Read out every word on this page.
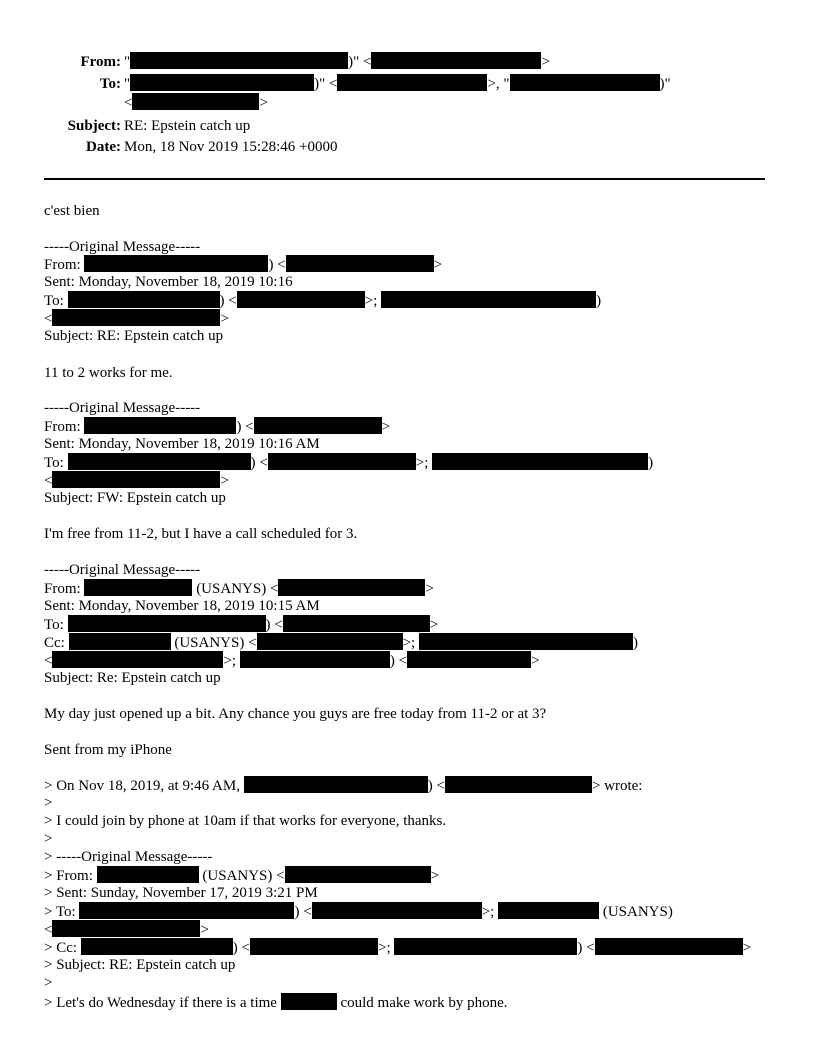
From: "	)" <	>
To: "	)" <	>, "	)"
<	>
Subject: RE: Epstein catch up
Date: Mon, 18 Nov 2019 15:28:46 +0000
c'est bien
-----Original Message-----
From:	) <	>
Sent: Monday, November 18, 2019 10:16
To:	) <	>;	)
<	>
Subject: RE: Epstein catch up
11 to 2 works for me.
-----Original Message-----
From:	) <	>
Sent: Monday, November 18, 2019 10:16 AM
To:	) <	>;	)
<	>
Subject: FW: Epstein catch up
I'm free from 11-2, but I have a call scheduled for 3.
-----Original Message-----
From:	(USANYS) <	>
Sent: Monday, November 18, 2019 10:15 AM
To:	) <	>
Cc:	(USANYS) <	>;	)
<	>;	) <	>
Subject: Re: Epstein catch up
My day just opened up a bit. Any chance you guys are free today from 11-2 or at 3?
Sent from my iPhone
> On Nov 18, 2019, at 9:46 AM,	) <	> wrote:
>
> I could join by phone at 10am if that works for everyone, thanks.
>
> -----Original Message-----
> From:	(USANYS) <	>
> Sent: Sunday, November 17, 2019 3:21 PM
> To:	) <	>;	(USANYS)
<	>
> Cc:	) <	>;	) <	>
> Subject: RE: Epstein catch up
>
> Let's do Wednesday if there is a time	could make work by phone.
